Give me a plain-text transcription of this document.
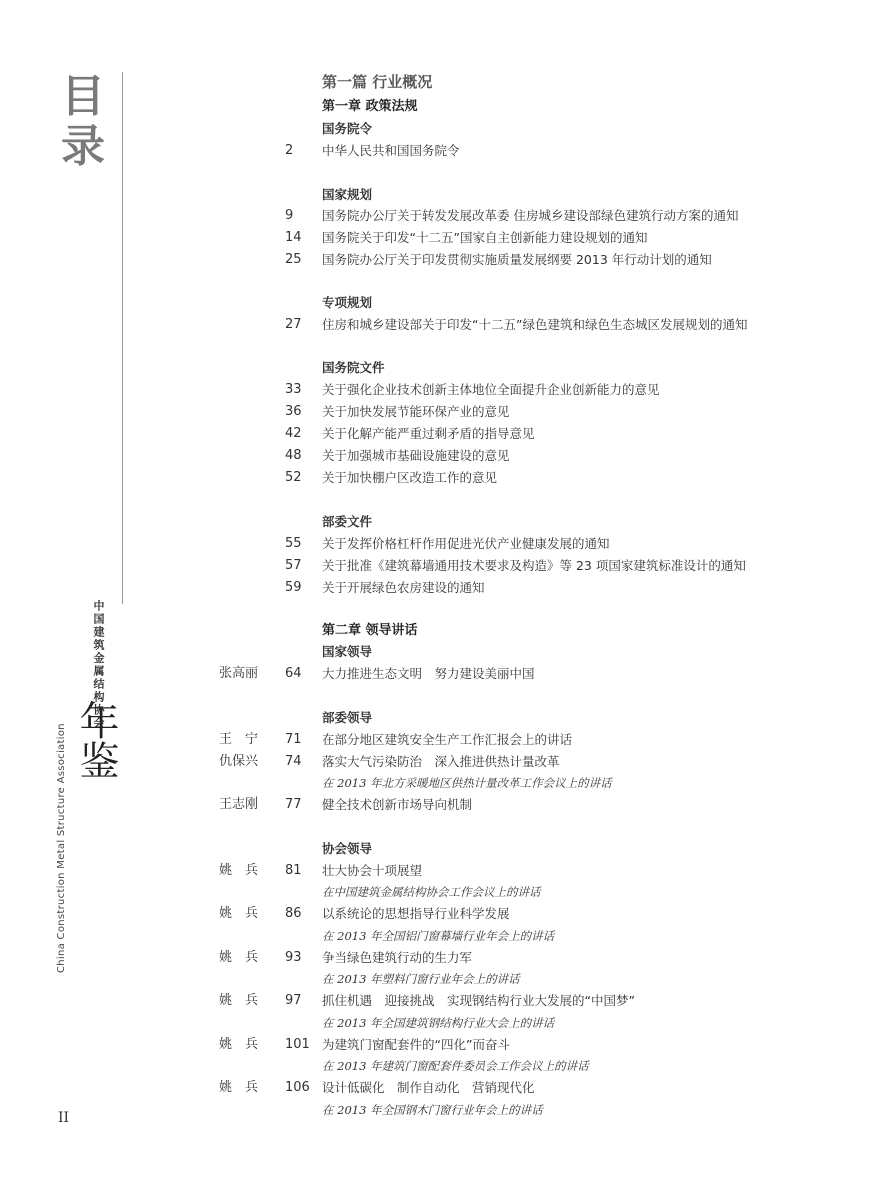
目
录
中国建筑金属结构协会
年鉴
China Construction Metal Structure Association
II
第一篇 行业概况
第一章 政策法规
国务院令
2 中华人民共和国国务院令
国家规划
9 国务院办公厅关于转发发展改革委 住房城乡建设部绿色建筑行动方案的通知
14 国务院关于印发“十二五”国家自主创新能力建设规划的通知
25 国务院办公厅关于印发贯彻实施质量发展纲要 2013 年行动计划的通知
专项规划
27 住房和城乡建设部关于印发“十二五”绿色建筑和绿色生态城区发展规划的通知
国务院文件
33 关于强化企业技术创新主体地位全面提升企业创新能力的意见
36 关于加快发展节能环保产业的意见
42 关于化解产能严重过剩矛盾的指导意见
48 关于加强城市基础设施建设的意见
52 关于加快棚户区改造工作的意见
部委文件
55 关于发挥价格杠杆作用促进光伏产业健康发展的通知
57 关于批准《建筑幕墙通用技术要求及构造》等 23 项国家建筑标准设计的通知
59 关于开展绿色农房建设的通知
第二章 领导讲话
国家领导
张高丽 64 大力推进生态文明　努力建设美丽中国
部委领导
王　宁 71 在部分地区建筑安全生产工作汇报会上的讲话
仇保兴 74 落实大气污染防治　深入推进供热计量改革
在 2013 年北方采暖地区供热计量改革工作会议上的讲话
王志刚 77 健全技术创新市场导向机制
协会领导
姚　兵 81 壮大协会十项展望
在中国建筑金属结构协会工作会议上的讲话
姚　兵 86 以系统论的思想指导行业科学发展
在 2013 年全国铝门窗幕墙行业年会上的讲话
姚　兵 93 争当绿色建筑行动的生力军
在 2013 年塑料门窗行业年会上的讲话
姚　兵 97 抓住机遇　迎接挑战　实现钢结构行业大发展的“中国梦”
在 2013 年全国建筑钢结构行业大会上的讲话
姚　兵 101 为建筑门窗配套件的“四化”而奋斗
在 2013 年建筑门窗配套件委员会工作会议上的讲话
姚　兵 106 设计低碳化　制作自动化　营销现代化
在 2013 年全国钢木门窗行业年会上的讲话
